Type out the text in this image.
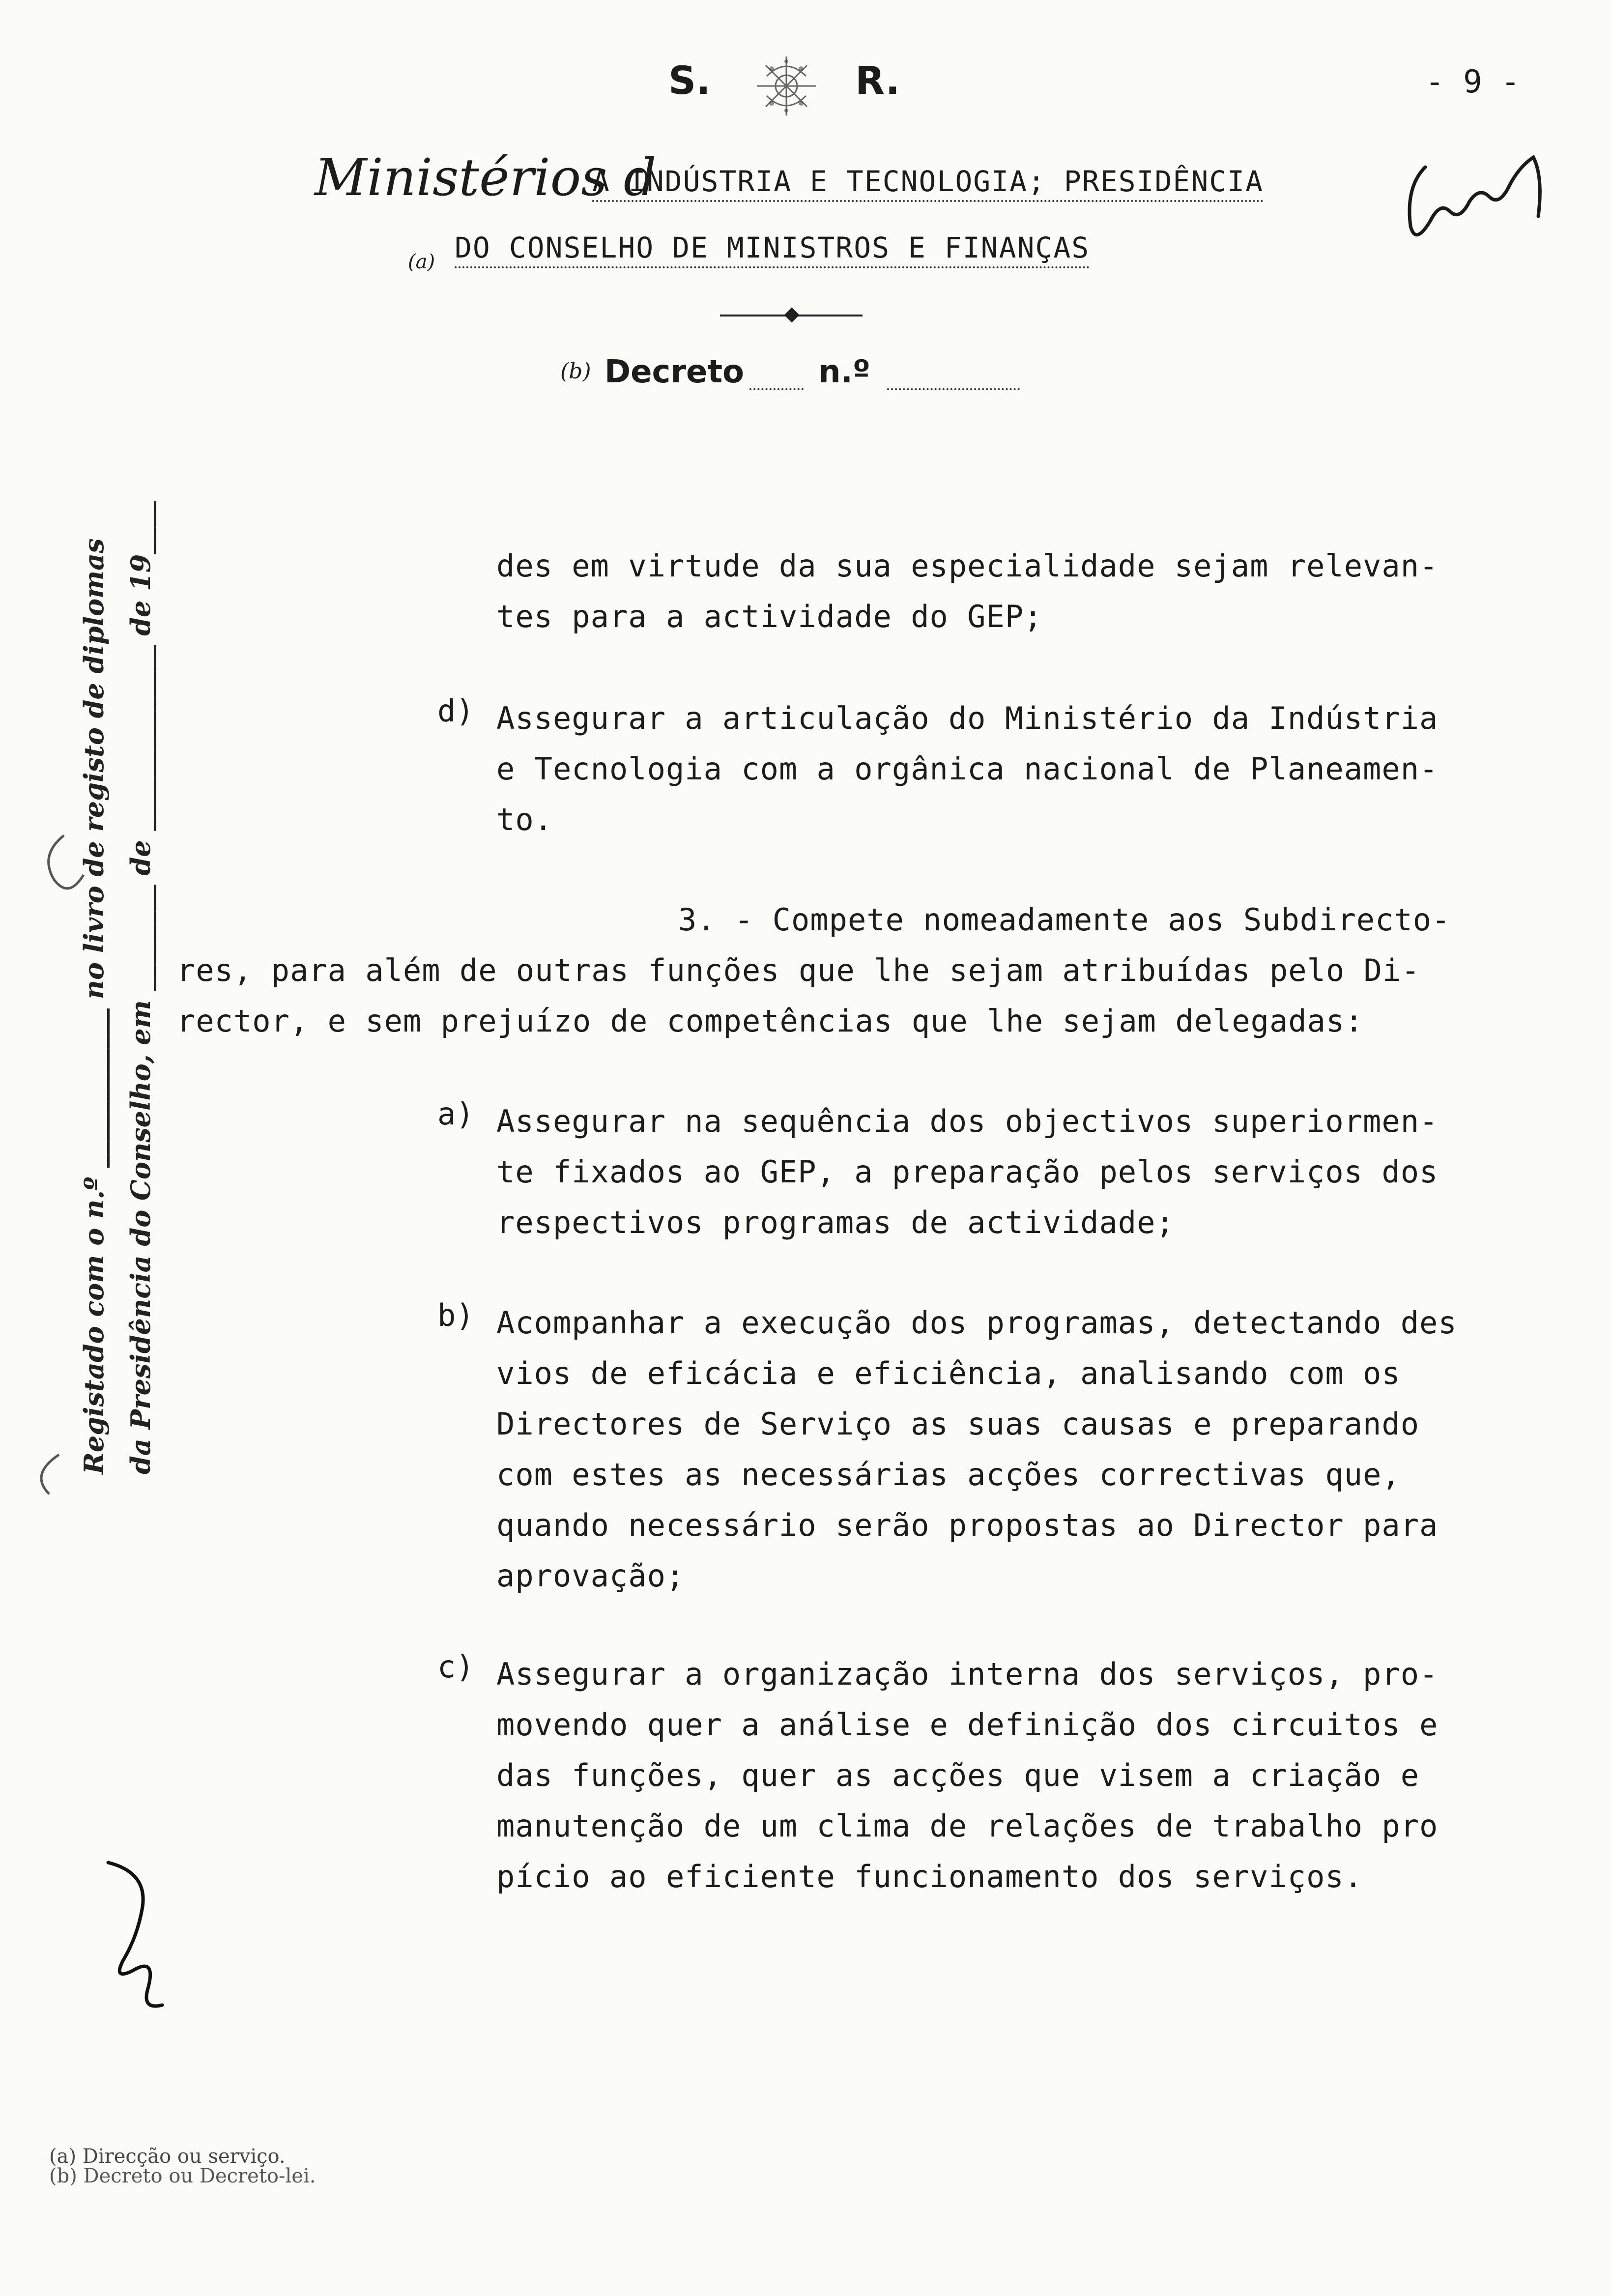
S.	R.	- 9 -
Ministérios d
A INDÚSTRIA E TECNOLOGIA; PRESIDÊNCIA
(a) DO CONSELHO DE MINISTROS E FINANÇAS
(b) Decreto n.º
Registado com o n.º ____________ no livro de registo de diplomas da Presidência do Conselho, em ________ de ______________ de 19____	des em virtude da sua especialidade sejam relevan-
tes para a actividade do GEP;
d) Assegurar a articulação do Ministério da Indústria
e Tecnologia com a orgânica nacional de Planeamen-
to.
3. - Compete nomeadamente aos Subdirecto-
res, para além de outras funções que lhe sejam atribuídas pelo Di-
rector, e sem prejuízo de competências que lhe sejam delegadas:
a) Assegurar na sequência dos objectivos superiormen-
te fixados ao GEP, a preparação pelos serviços dos
respectivos programas de actividade;
b) Acompanhar a execução dos programas, detectando des
vios de eficácia e eficiência, analisando com os
Directores de Serviço as suas causas e preparando
com estes as necessárias acções correctivas que,
quando necessário serão propostas ao Director para
aprovação;
c) Assegurar a organização interna dos serviços, pro-
movendo quer a análise e definição dos circuitos e
das funções, quer as acções que visem a criação e
manutenção de um clima de relações de trabalho pro
pício ao eficiente funcionamento dos serviços.
(a) Direcção ou serviço.
(b) Decreto ou Decreto-lei.
